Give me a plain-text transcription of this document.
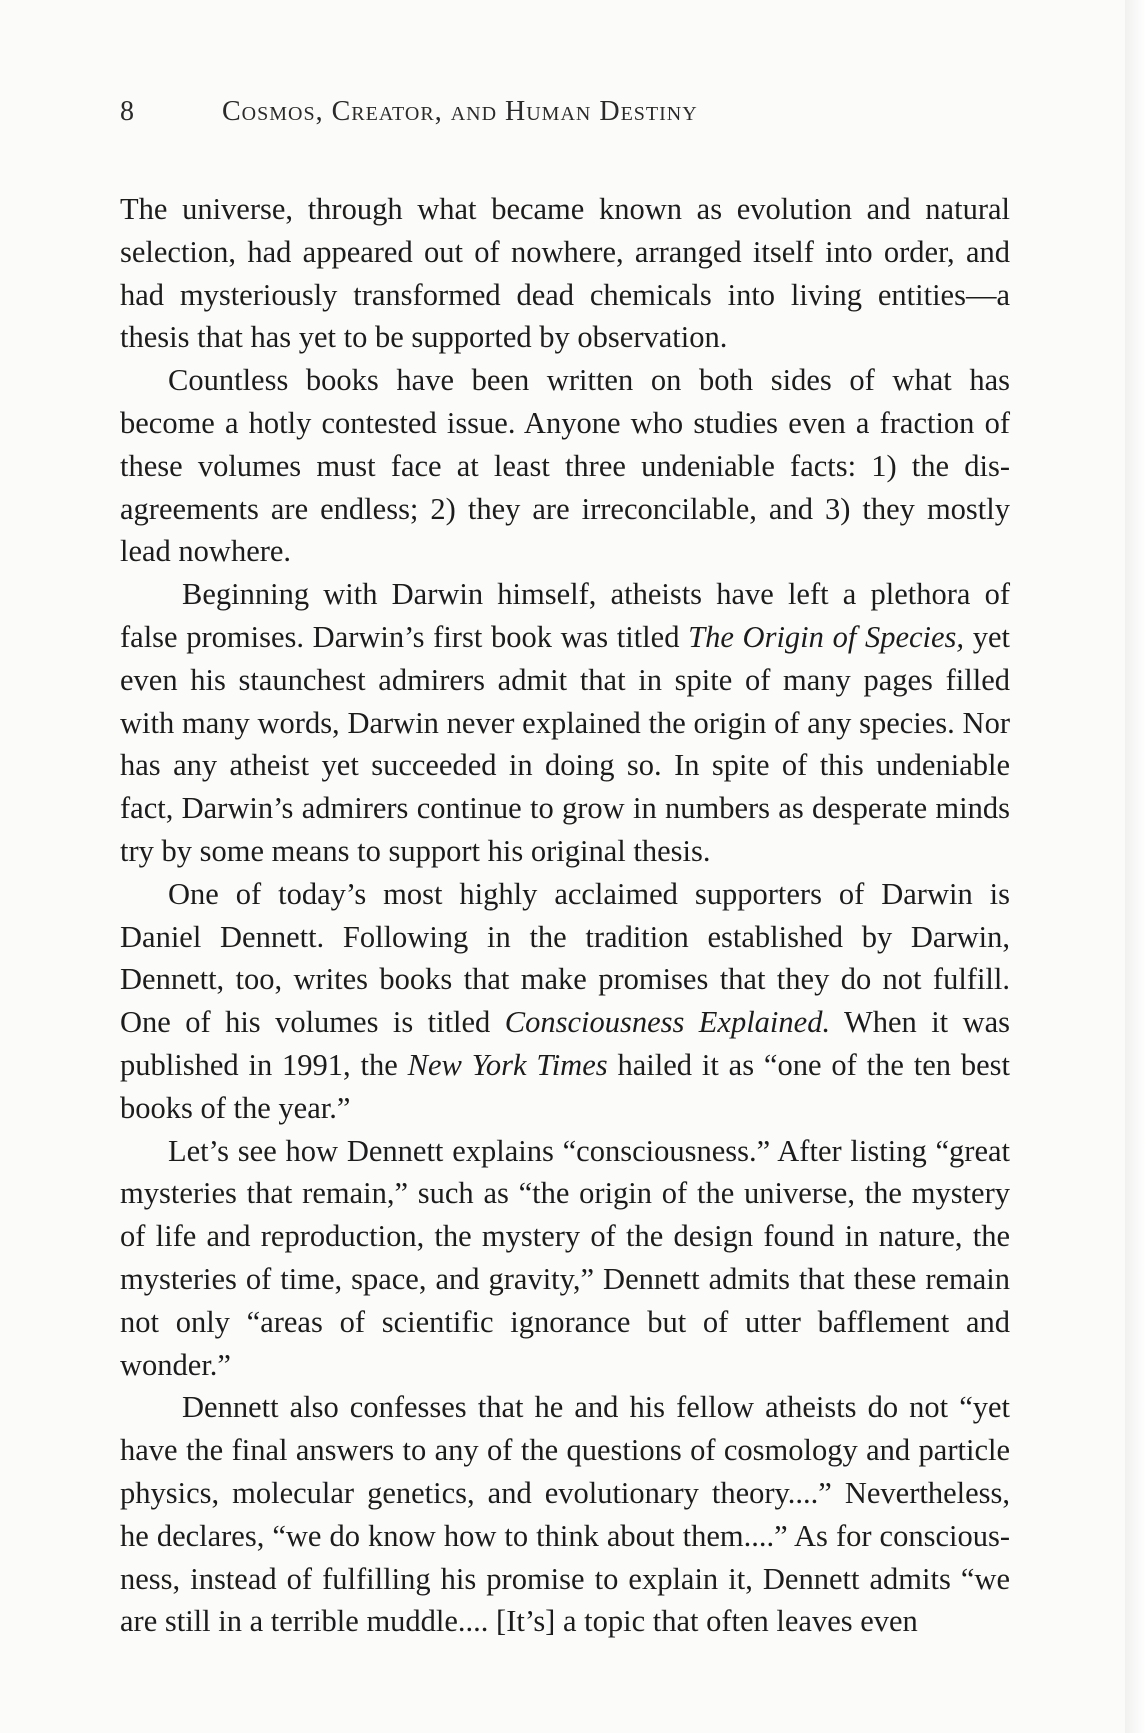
8	Cosmos, Creator, and Human Destiny

The universe, through what became known as evolution and natural selection, had appeared out of nowhere, arranged itself into order, and had mysteriously transformed dead chemicals into living entities—a thesis that has yet to be supported by observation.

Countless books have been written on both sides of what has become a hotly contested issue. Anyone who studies even a fraction of these volumes must face at least three undeniable facts: 1) the disagreements are endless; 2) they are irreconcilable, and 3) they mostly lead nowhere.

Beginning with Darwin himself, atheists have left a plethora of false promises. Darwin’s first book was titled The Origin of Species, yet even his staunchest admirers admit that in spite of many pages filled with many words, Darwin never explained the origin of any species. Nor has any atheist yet succeeded in doing so. In spite of this undeniable fact, Darwin’s admirers continue to grow in numbers as desperate minds try by some means to support his original thesis.

One of today’s most highly acclaimed supporters of Darwin is Daniel Dennett. Following in the tradition established by Darwin, Dennett, too, writes books that make promises that they do not fulfill. One of his volumes is titled Consciousness Explained. When it was published in 1991, the New York Times hailed it as “one of the ten best books of the year.”

Let’s see how Dennett explains “consciousness.” After listing “great mysteries that remain,” such as “the origin of the universe, the mystery of life and reproduction, the mystery of the design found in nature, the mysteries of time, space, and gravity,” Dennett admits that these remain not only “areas of scientific ignorance but of utter bafflement and wonder.”

Dennett also confesses that he and his fellow atheists do not “yet have the final answers to any of the questions of cosmology and particle physics, molecular genetics, and evolutionary theory....” Nevertheless, he declares, “we do know how to think about them....” As for consciousness, instead of fulfilling his promise to explain it, Dennett admits “we are still in a terrible muddle.... [It’s] a topic that often leaves even
